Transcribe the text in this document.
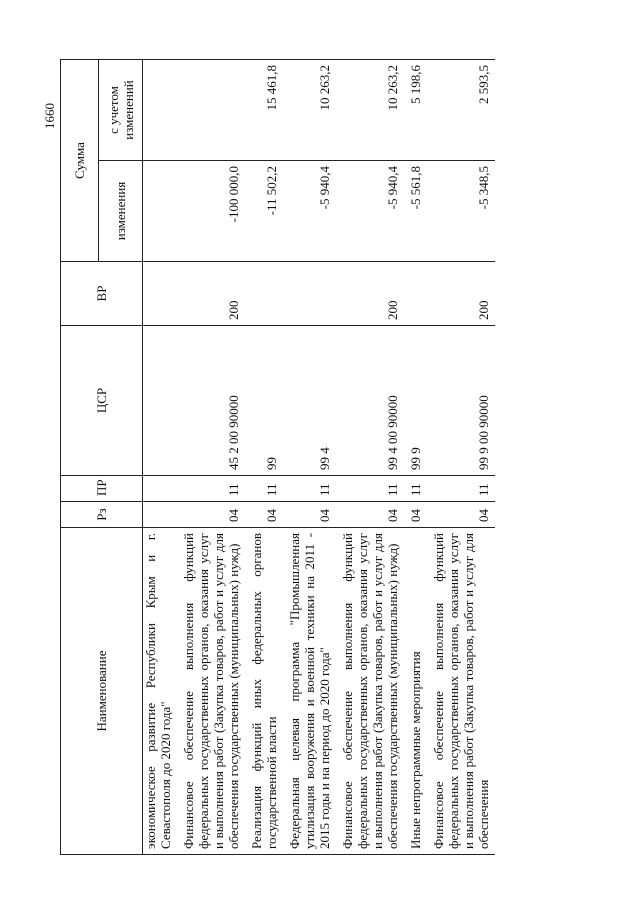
1660
Наименование	Рз	ПР	ЦСР	ВР	Сумма	
					изменения	с учетом изменений
экономическое развитие Республики Крым и г. Севастополя до 2020 года"						
Финансовое обеспечение выполнения функций федеральных государственных органов, оказания услуг и выполнения работ (Закупка товаров, работ и услуг для обеспечения государственных (муниципальных) нужд)	04	11	45 2 00 90000	200	-100 000,0	
Реализация функций иных федеральных органов государственной власти	04	11	99		-11 502,2	15 461,8
Федеральная целевая программа "Промышленная утилизация вооружения и военной техники на 2011 - 2015 годы и на период до 2020 года"	04	11	99 4		-5 940,4	10 263,2
Финансовое обеспечение выполнения функций федеральных государственных органов, оказания услуг и выполнения работ (Закупка товаров, работ и услуг для обеспечения государственных (муниципальных) нужд)	04	11	99 4 00 90000	200	-5 940,4	10 263,2
Иные непрограммные мероприятия	04	11	99 9		-5 561,8	5 198,6
Финансовое обеспечение выполнения функций федеральных государственных органов, оказания услуг и выполнения работ (Закупка товаров, работ и услуг для обеспечения	04	11	99 9 00 90000	200	-5 348,5	2 593,5
